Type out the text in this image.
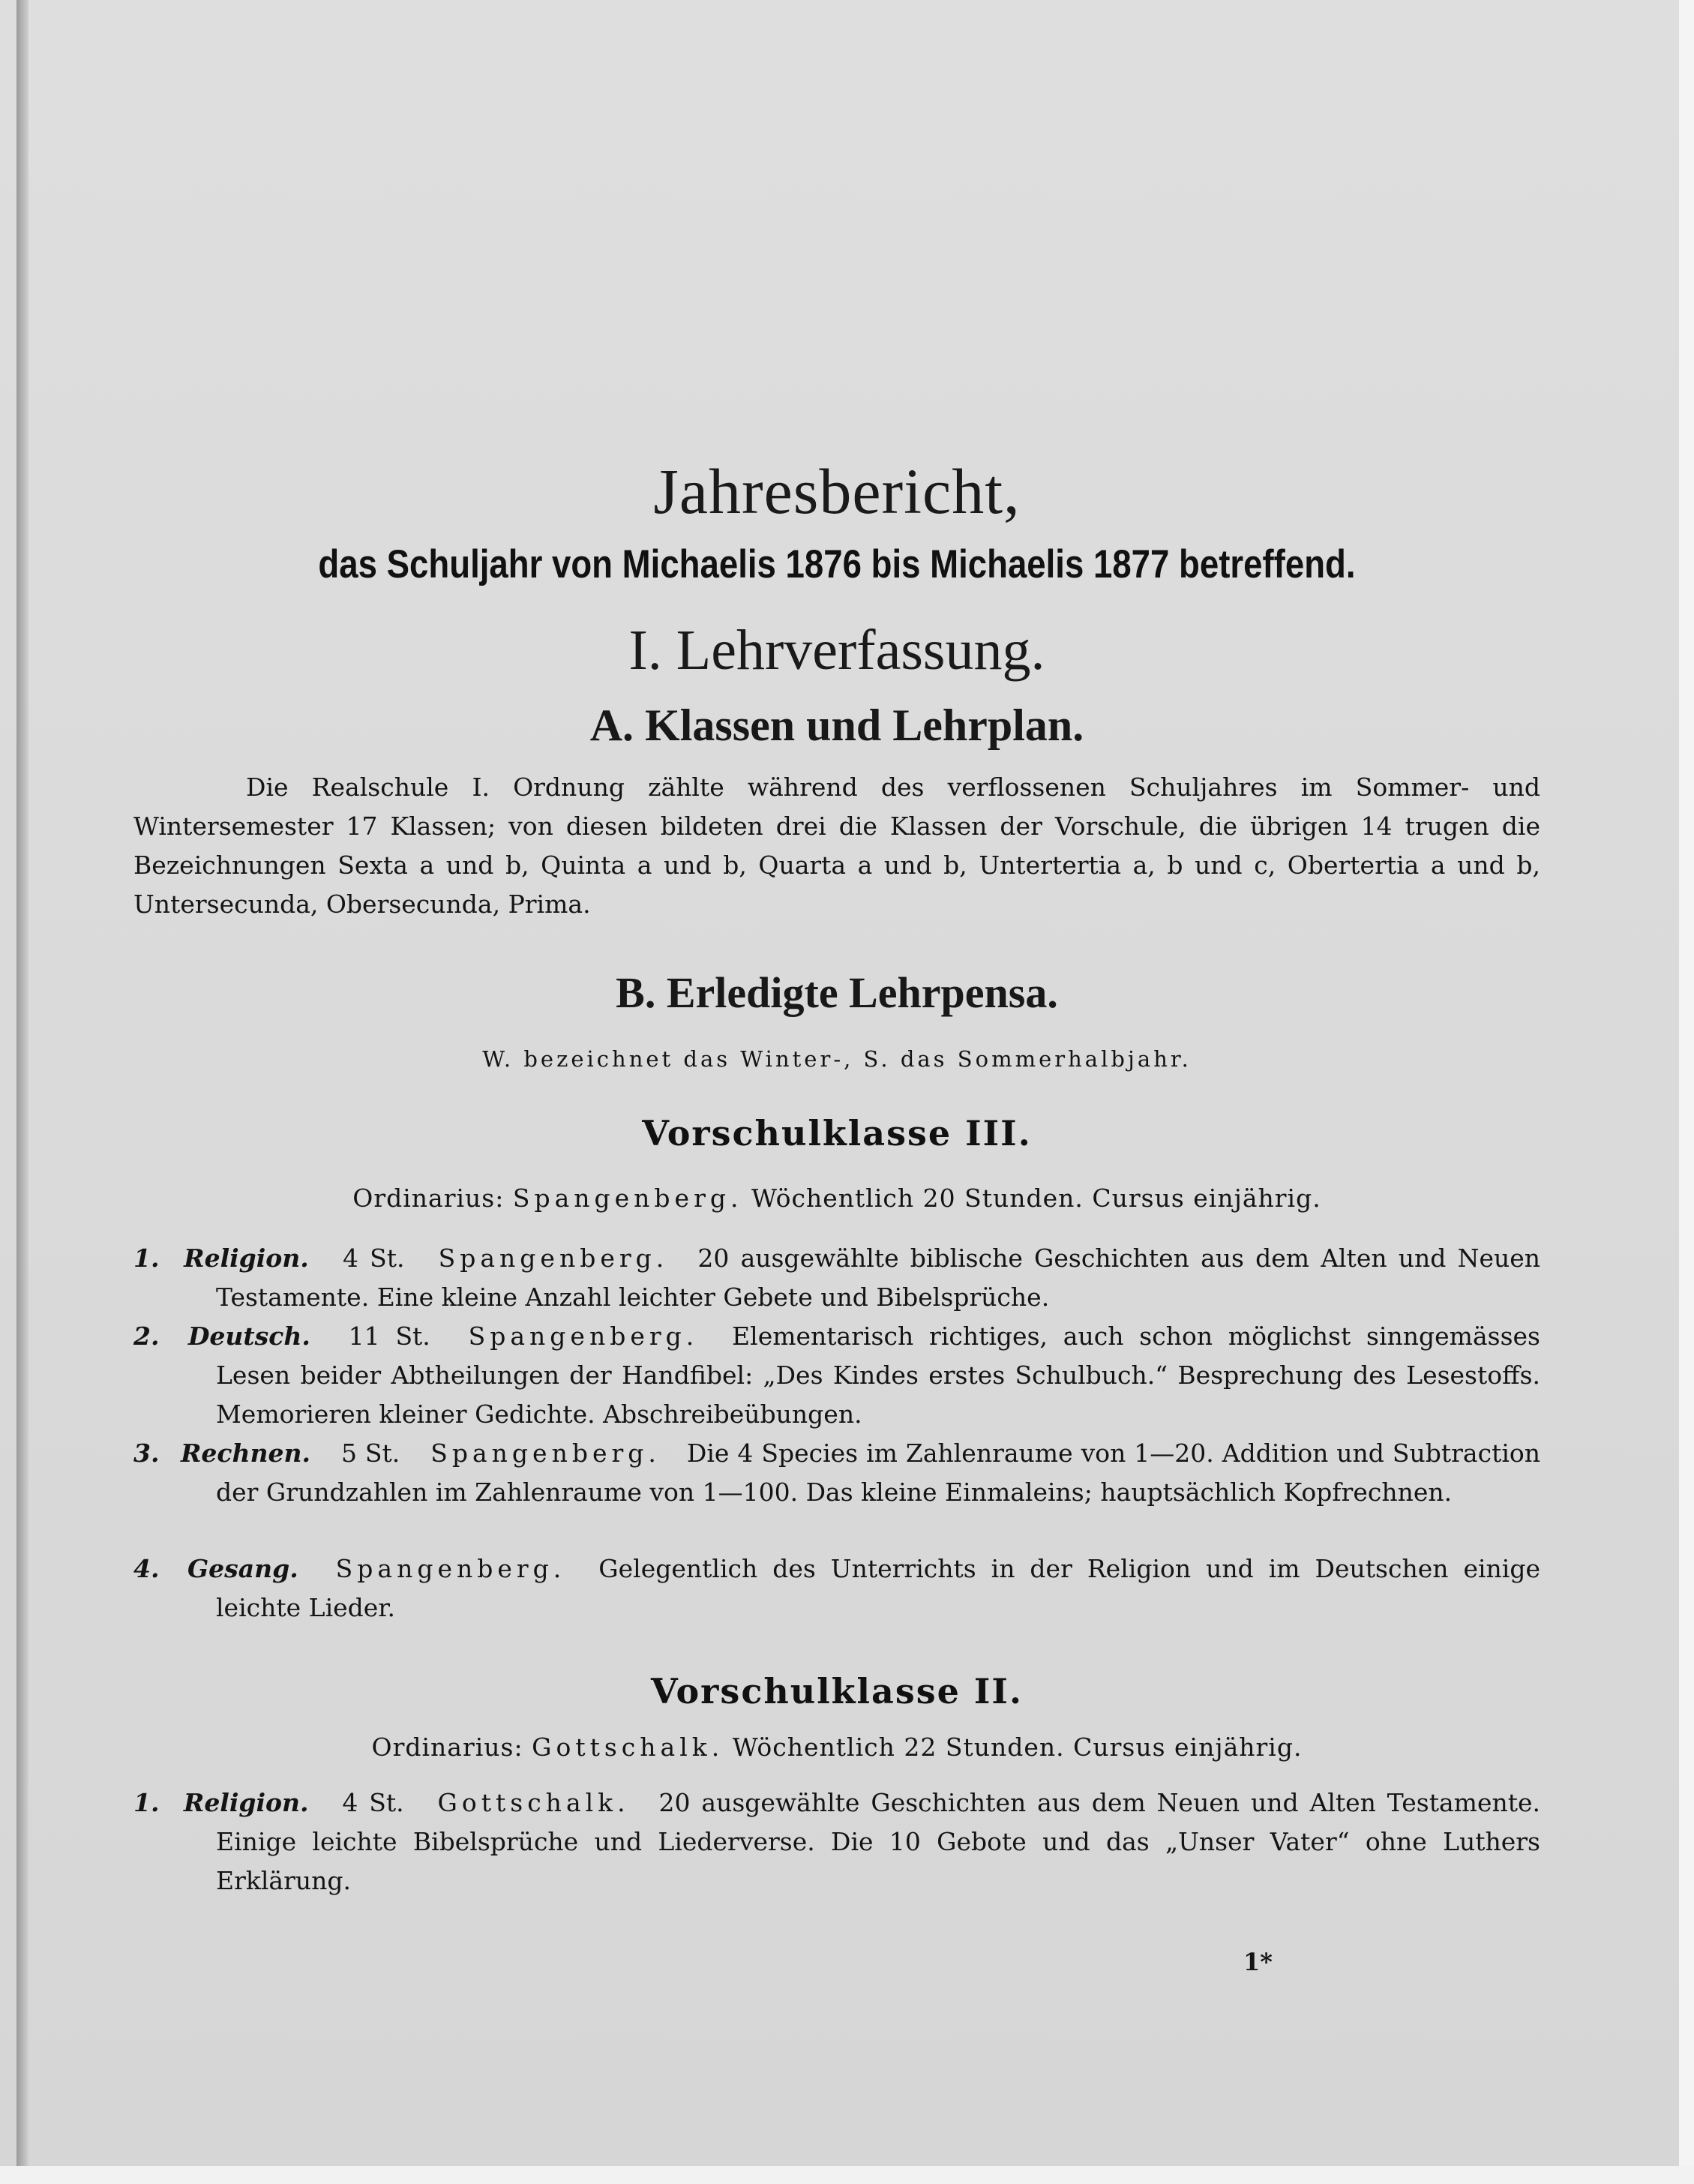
Jahresbericht,
das Schuljahr von Michaelis 1876 bis Michaelis 1877 betreffend.
I. Lehrverfassung.
A. Klassen und Lehrplan.
Die Realschule I. Ordnung zählte während des verflossenen Schuljahres im Sommer- und Wintersemester 17 Klassen; von diesen bildeten drei die Klassen der Vorschule, die übrigen 14 trugen die Bezeichnungen Sexta a und b, Quinta a und b, Quarta a und b, Untertertia a, b und c, Obertertia a und b, Untersecunda, Obersecunda, Prima.
B. Erledigte Lehrpensa.
W. bezeichnet das Winter-, S. das Sommerhalbjahr.
Vorschulklasse III.
Ordinarius: Spangenberg. Wöchentlich 20 Stunden. Cursus einjährig.
1. Religion. 4 St. Spangenberg. 20 ausgewählte biblische Geschichten aus dem Alten und Neuen Testamente. Eine kleine Anzahl leichter Gebete und Bibelsprüche.
2. Deutsch. 11 St. Spangenberg. Elementarisch richtiges, auch schon möglichst sinngemässes Lesen beider Abtheilungen der Handfibel: „Des Kindes erstes Schulbuch.“ Besprechung des Lesestoffs. Memorieren kleiner Gedichte. Abschreibeübungen.
3. Rechnen. 5 St. Spangenberg. Die 4 Species im Zahlenraume von 1—20. Addition und Subtraction der Grundzahlen im Zahlenraume von 1—100. Das kleine Einmaleins; hauptsächlich Kopfrechnen.
4. Gesang. Spangenberg. Gelegentlich des Unterrichts in der Religion und im Deutschen einige leichte Lieder.
Vorschulklasse II.
Ordinarius: Gottschalk. Wöchentlich 22 Stunden. Cursus einjährig.
1. Religion. 4 St. Gottschalk. 20 ausgewählte Geschichten aus dem Neuen und Alten Testamente. Einige leichte Bibelsprüche und Liederverse. Die 10 Gebote und das „Unser Vater“ ohne Luthers Erklärung.
1*
